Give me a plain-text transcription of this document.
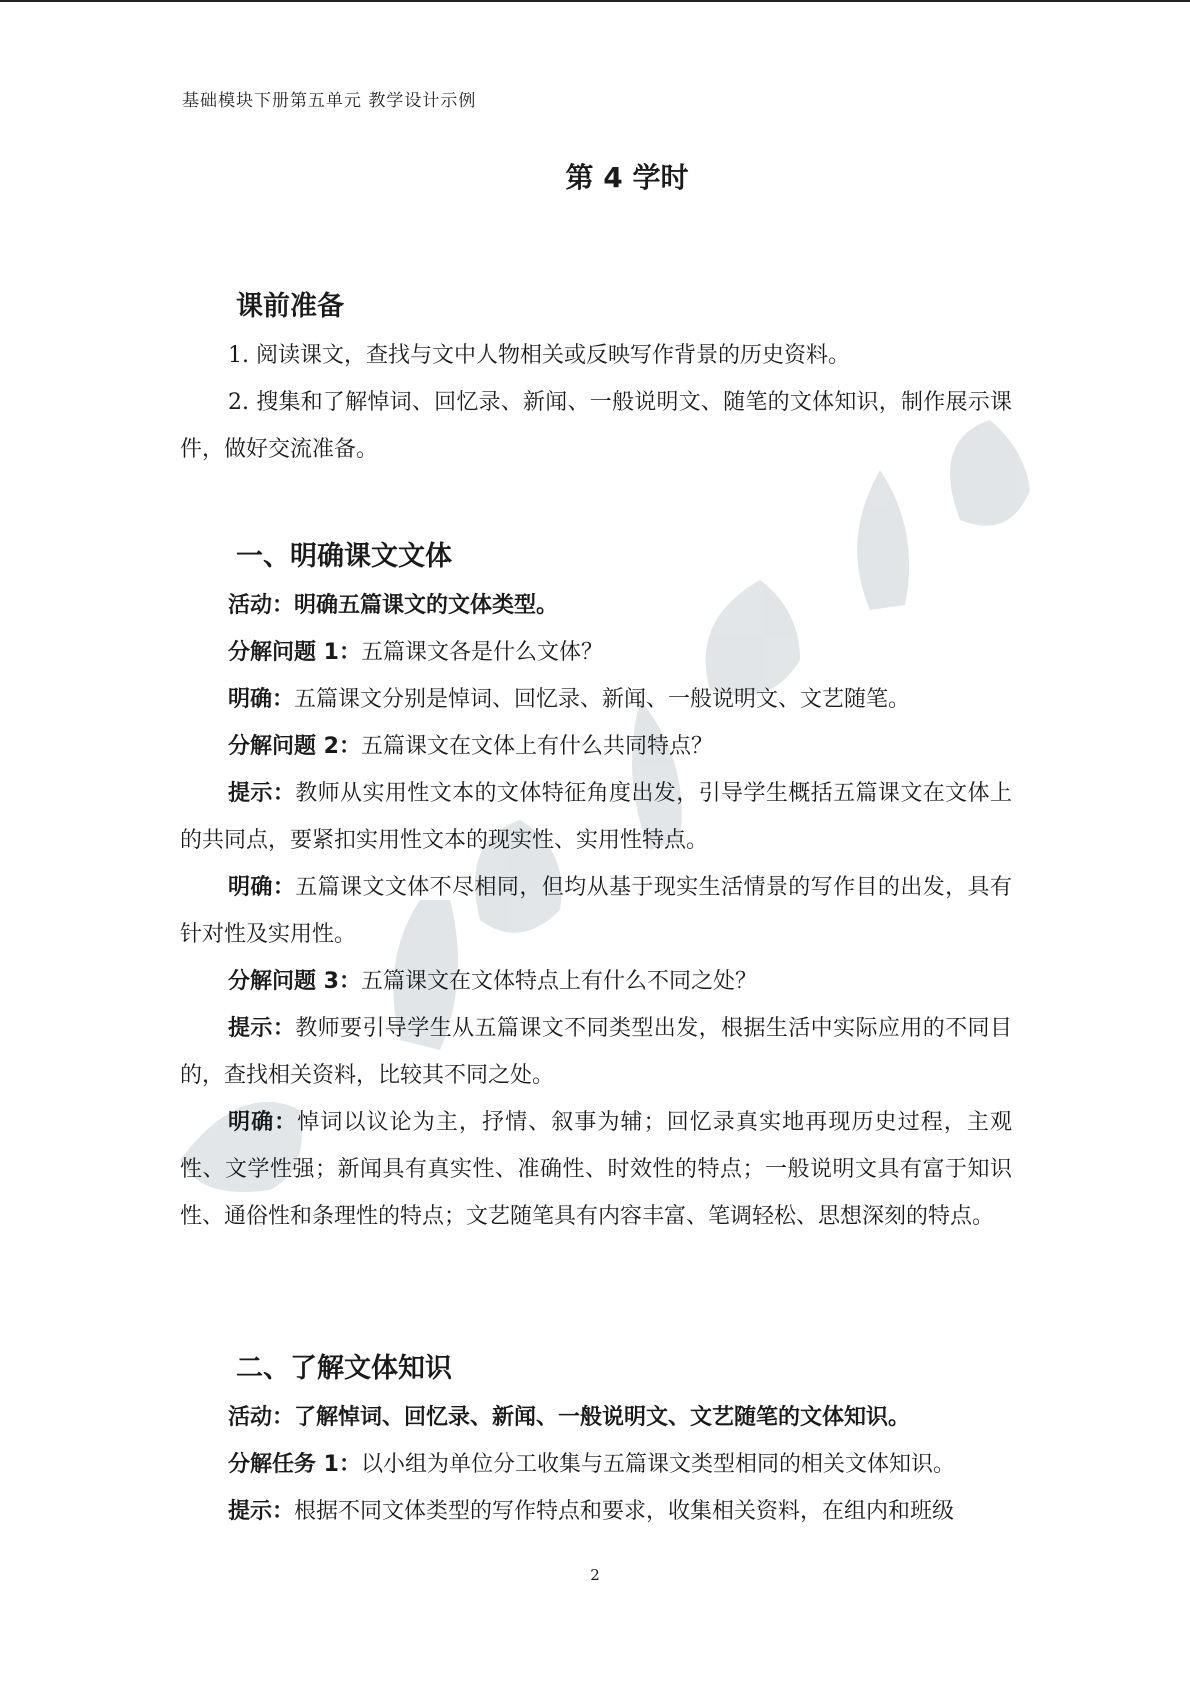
基础模块下册第五单元 教学设计示例
第 4 学时
课前准备

1. 阅读课文，查找与文中人物相关或反映写作背景的历史资料。

2. 搜集和了解悼词、回忆录、新闻、一般说明文、随笔的文体知识，制作展示课件，做好交流准备。

一、明确课文文体

活动：明确五篇课文的文体类型。

分解问题 1：五篇课文各是什么文体？

明确：五篇课文分别是悼词、回忆录、新闻、一般说明文、文艺随笔。

分解问题 2：五篇课文在文体上有什么共同特点？

提示：教师从实用性文本的文体特征角度出发，引导学生概括五篇课文在文体上的共同点，要紧扣实用性文本的现实性、实用性特点。

明确：五篇课文文体不尽相同，但均从基于现实生活情景的写作目的出发，具有针对性及实用性。

分解问题 3：五篇课文在文体特点上有什么不同之处？

提示：教师要引导学生从五篇课文不同类型出发，根据生活中实际应用的不同目的，查找相关资料，比较其不同之处。

明确：悼词以议论为主，抒情、叙事为辅；回忆录真实地再现历史过程，主观性、文学性强；新闻具有真实性、准确性、时效性的特点；一般说明文具有富于知识性、通俗性和条理性的特点；文艺随笔具有内容丰富、笔调轻松、思想深刻的特点。

二、了解文体知识

活动：了解悼词、回忆录、新闻、一般说明文、文艺随笔的文体知识。

分解任务 1：以小组为单位分工收集与五篇课文类型相同的相关文体知识。

提示：根据不同文体类型的写作特点和要求，收集相关资料，在组内和班级

2
